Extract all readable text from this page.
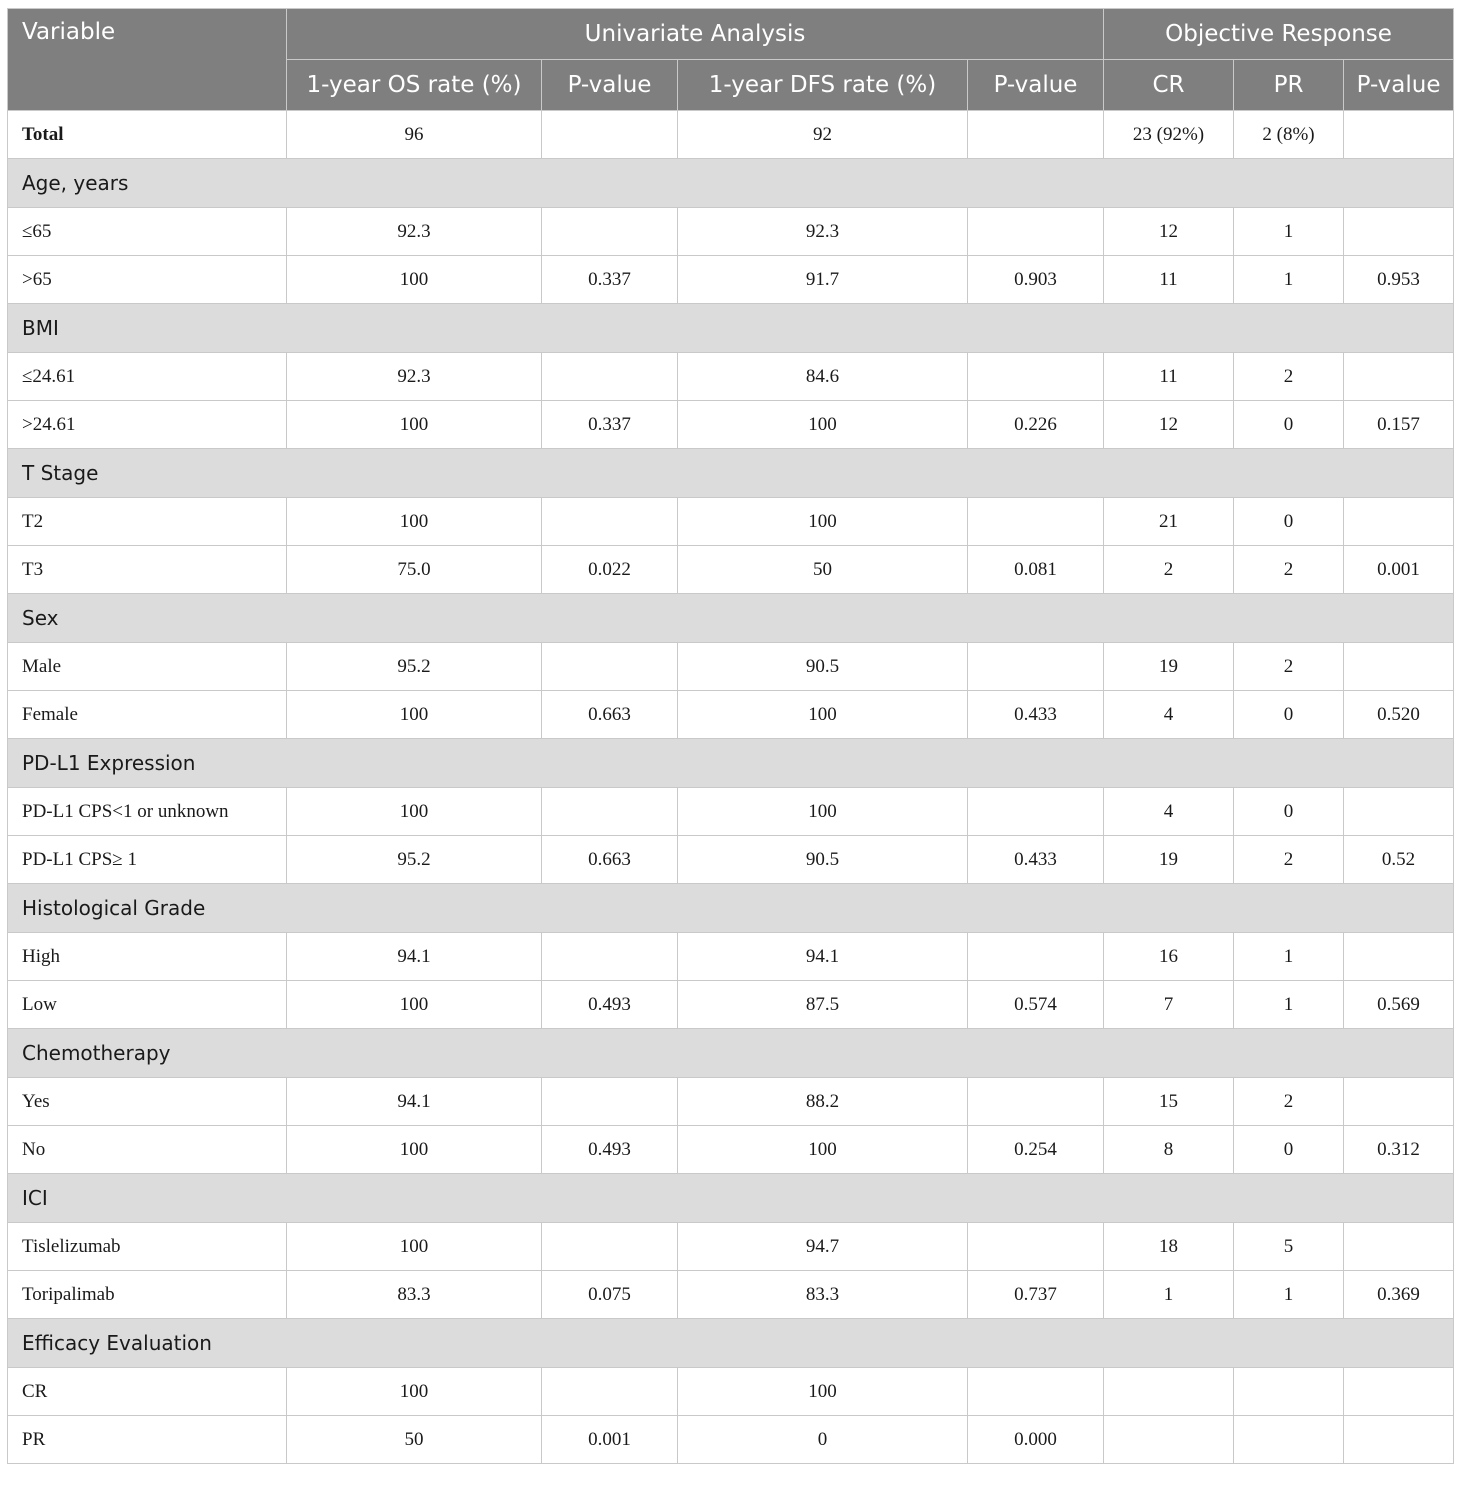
Variable	Univariate Analysis				Objective Response		
	1-year OS rate (%)	P-value	1-year DFS rate (%)	P-value	CR	PR	P-value
Total	96		92		23 (92%)	2 (8%)	
Age, years							
≤65	92.3		92.3		12	1	
>65	100	0.337	91.7	0.903	11	1	0.953
BMI							
≤24.61	92.3		84.6		11	2	
>24.61	100	0.337	100	0.226	12	0	0.157
T Stage							
T2	100		100		21	0	
T3	75.0	0.022	50	0.081	2	2	0.001
Sex							
Male	95.2		90.5		19	2	
Female	100	0.663	100	0.433	4	0	0.520
PD-L1 Expression							
PD-L1 CPS<1 or unknown	100		100		4	0	
PD-L1 CPS≥ 1	95.2	0.663	90.5	0.433	19	2	0.52
Histological Grade							
High	94.1		94.1		16	1	
Low	100	0.493	87.5	0.574	7	1	0.569
Chemotherapy							
Yes	94.1		88.2		15	2	
No	100	0.493	100	0.254	8	0	0.312
ICI							
Tislelizumab	100		94.7		18	5	
Toripalimab	83.3	0.075	83.3	0.737	1	1	0.369
Efficacy Evaluation							
CR	100		100				
PR	50	0.001	0	0.000			
